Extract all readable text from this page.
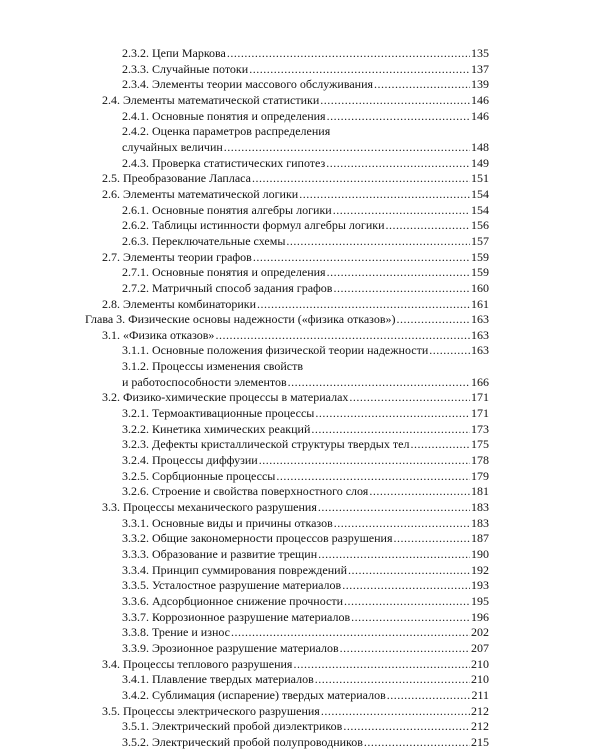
2.3.2. Цепи Маркова .....	135
2.3.3. Случайные потоки .....	137
2.3.4. Элементы теории массового обслуживания .....	139
2.4. Элементы математической статистики .....	146
2.4.1. Основные понятия и определения .....	146
2.4.2. Оценка параметров распределения
случайных величин .....	148
2.4.3. Проверка статистических гипотез .....	149
2.5. Преобразование Лапласа .....	151
2.6. Элементы математической логики .....	154
2.6.1. Основные понятия алгебры логики .....	154
2.6.2. Таблицы истинности формул алгебры логики .....	156
2.6.3. Переключательные схемы .....	157
2.7. Элементы теории графов .....	159
2.7.1. Основные понятия и определения .....	159
2.7.2. Матричный способ задания графов .....	160
2.8. Элементы комбинаторики .....	161
Глава 3. Физические основы надежности («физика отказов») .....	163
3.1. «Физика отказов» .....	163
3.1.1. Основные положения физической теории надежности .....	163
3.1.2. Процессы изменения свойств
и работоспособности элементов .....	166
3.2. Физико-химические процессы в материалах .....	171
3.2.1. Термоактивационные процессы .....	171
3.2.2. Кинетика химических реакций .....	173
3.2.3. Дефекты кристаллической структуры твердых тел .....	175
3.2.4. Процессы диффузии .....	178
3.2.5. Сорбционные процессы .....	179
3.2.6. Строение и свойства поверхностного слоя .....	181
3.3. Процессы механического разрушения .....	183
3.3.1. Основные виды и причины отказов .....	183
3.3.2. Общие закономерности процессов разрушения .....	187
3.3.3. Образование и развитие трещин .....	190
3.3.4. Принцип суммирования повреждений .....	192
3.3.5. Усталостное разрушение материалов .....	193
3.3.6. Адсорбционное снижение прочности .....	195
3.3.7. Коррозионное разрушение материалов .....	196
3.3.8. Трение и износ .....	202
3.3.9. Эрозионное разрушение материалов .....	207
3.4. Процессы теплового разрушения .....	210
3.4.1. Плавление твердых материалов .....	210
3.4.2. Сублимация (испарение) твердых материалов .....	211
3.5. Процессы электрического разрушения .....	212
3.5.1. Электрический пробой диэлектриков .....	212
3.5.2. Электрический пробой полупроводников .....	215
